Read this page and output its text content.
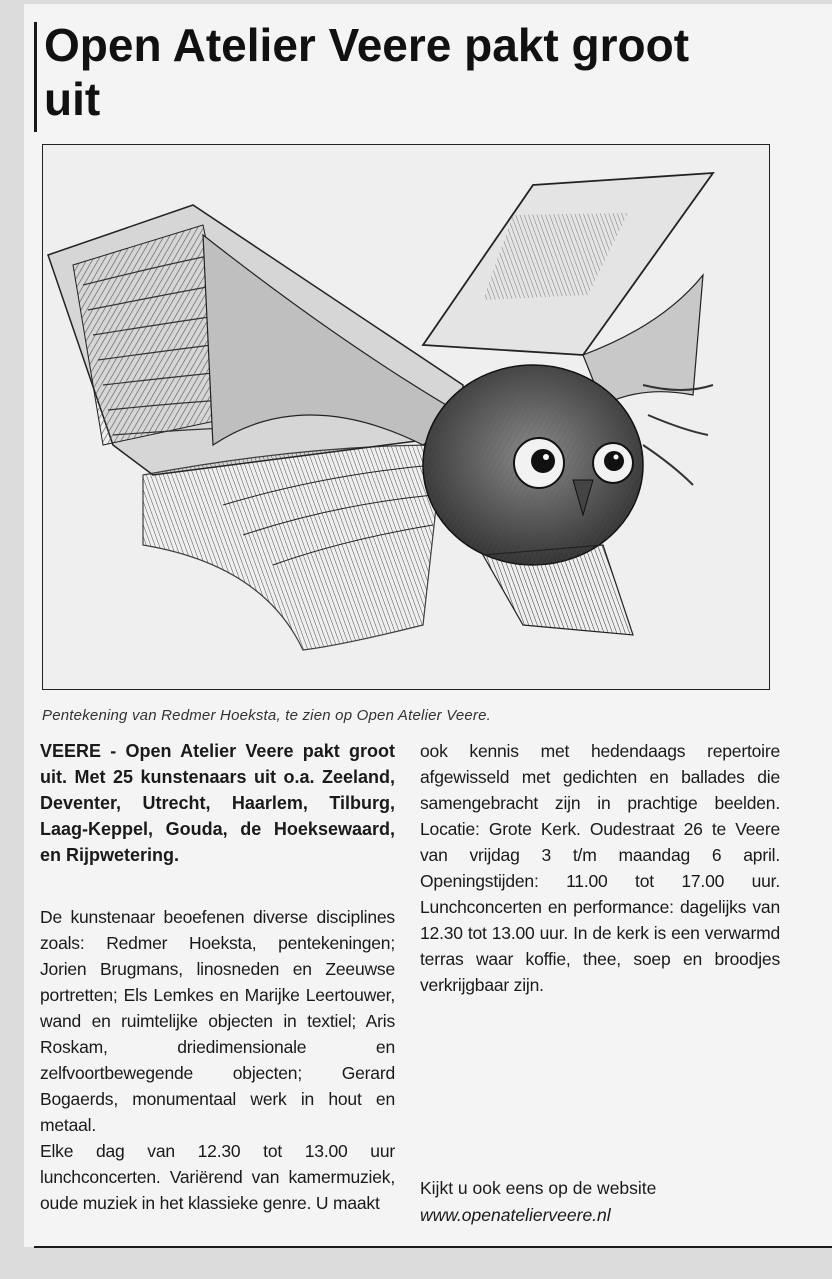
Open Atelier Veere pakt groot uit
Pentekening van Redmer Hoeksta, te zien op Open Atelier Veere.

VEERE - Open Atelier Veere pakt groot uit. Met 25 kunstenaars uit o.a. Zeeland, Deventer, Utrecht, Haarlem, Tilburg, Laag-Keppel, Gouda, de Hoeksewaard, en Rijpwetering.

De kunstenaar beoefenen diverse disciplines zoals: Redmer Hoeksta, pentekeningen; Jorien Brugmans, linosneden en Zeeuwse portretten; Els Lemkes en Marijke Leertouwer, wand en ruimtelijke objecten in textiel; Aris Roskam, driedimensionale en zelfvoortbewegende objecten; Gerard Bogaerds, monumentaal werk in hout en metaal.

Elke dag van 12.30 tot 13.00 uur lunchconcerten. Variërend van kamermuziek, oude muziek in het klassieke genre. U maakt

ook kennis met hedendaags repertoire afgewisseld met gedichten en ballades die samengebracht zijn in prachtige beelden. Locatie: Grote Kerk. Oudestraat 26 te Veere van vrijdag 3 t/m maandag 6 april. Openingstijden: 11.00 tot 17.00 uur. Lunchconcerten en performance: dagelijks van 12.30 tot 13.00 uur. In de kerk is een verwarmd terras waar koffie, thee, soep en broodjes verkrijgbaar zijn.

Kijkt u ook eens op de website
www.openatelierveere.nl
